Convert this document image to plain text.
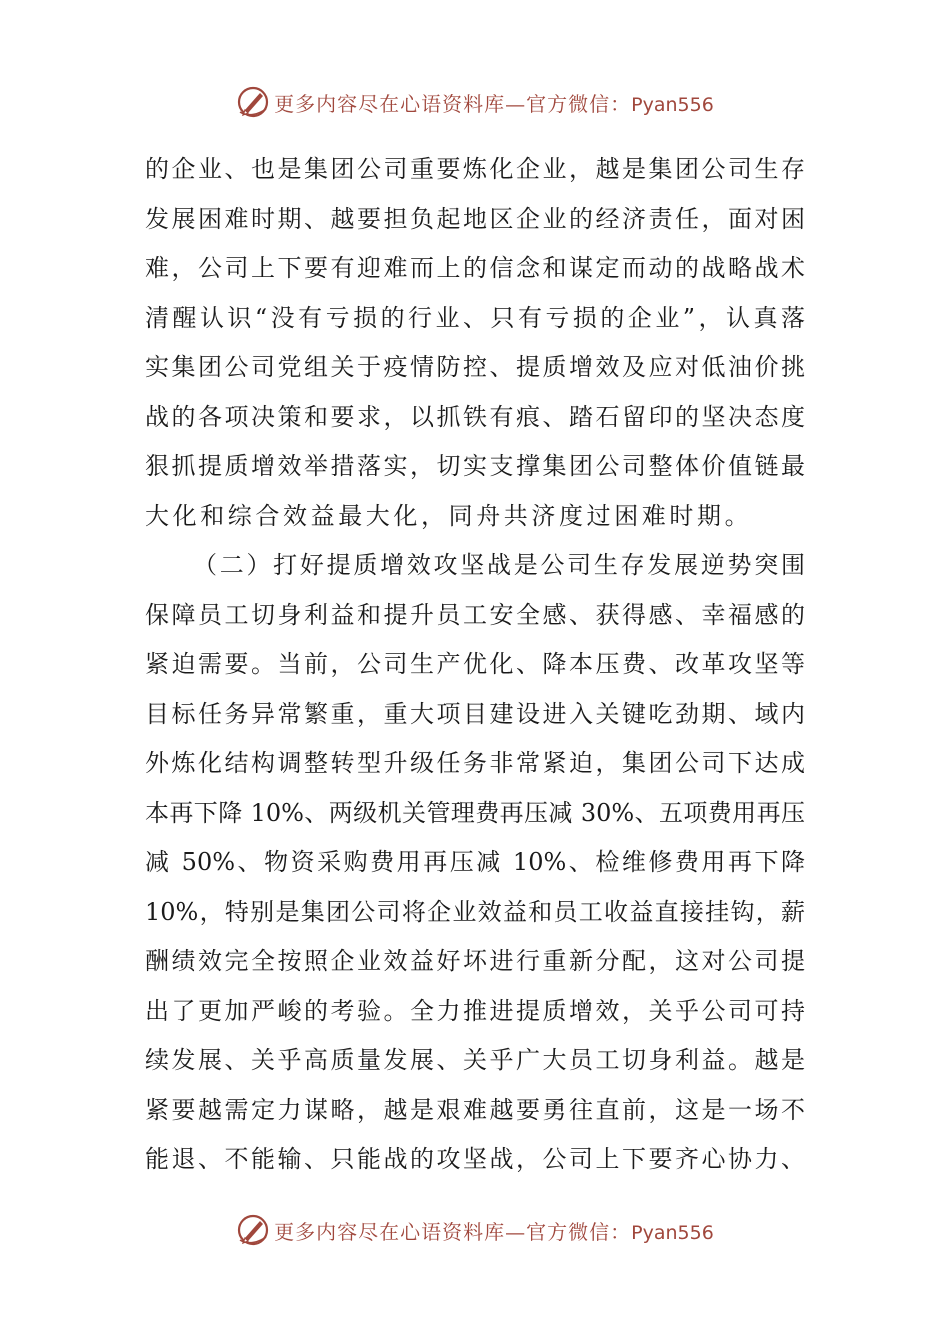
更多内容尽在心语资料库—官方微信：Pyan556
的企业、也是集团公司重要炼化企业，越是集团公司生存
发展困难时期、越要担负起地区企业的经济责任，面对困
难，公司上下要有迎难而上的信念和谋定而动的战略战术
清醒认识“没有亏损的行业、只有亏损的企业”，认真落
实集团公司党组关于疫情防控、提质增效及应对低油价挑
战的各项决策和要求，以抓铁有痕、踏石留印的坚决态度
狠抓提质增效举措落实，切实支撑集团公司整体价值链最
大化和综合效益最大化，同舟共济度过困难时期。
（二）打好提质增效攻坚战是公司生存发展逆势突围
保障员工切身利益和提升员工安全感、获得感、幸福感的
紧迫需要。当前，公司生产优化、降本压费、改革攻坚等
目标任务异常繁重，重大项目建设进入关键吃劲期、域内
外炼化结构调整转型升级任务非常紧迫，集团公司下达成
本再下降 10%、两级机关管理费再压减 30%、五项费用再压
减 50%、物资采购费用再压减 10%、检维修费用再下降
10%，特别是集团公司将企业效益和员工收益直接挂钩，薪
酬绩效完全按照企业效益好坏进行重新分配，这对公司提
出了更加严峻的考验。全力推进提质增效，关乎公司可持
续发展、关乎高质量发展、关乎广大员工切身利益。越是
紧要越需定力谋略，越是艰难越要勇往直前，这是一场不
能退、不能输、只能战的攻坚战，公司上下要齐心协力、
更多内容尽在心语资料库—官方微信：Pyan556
